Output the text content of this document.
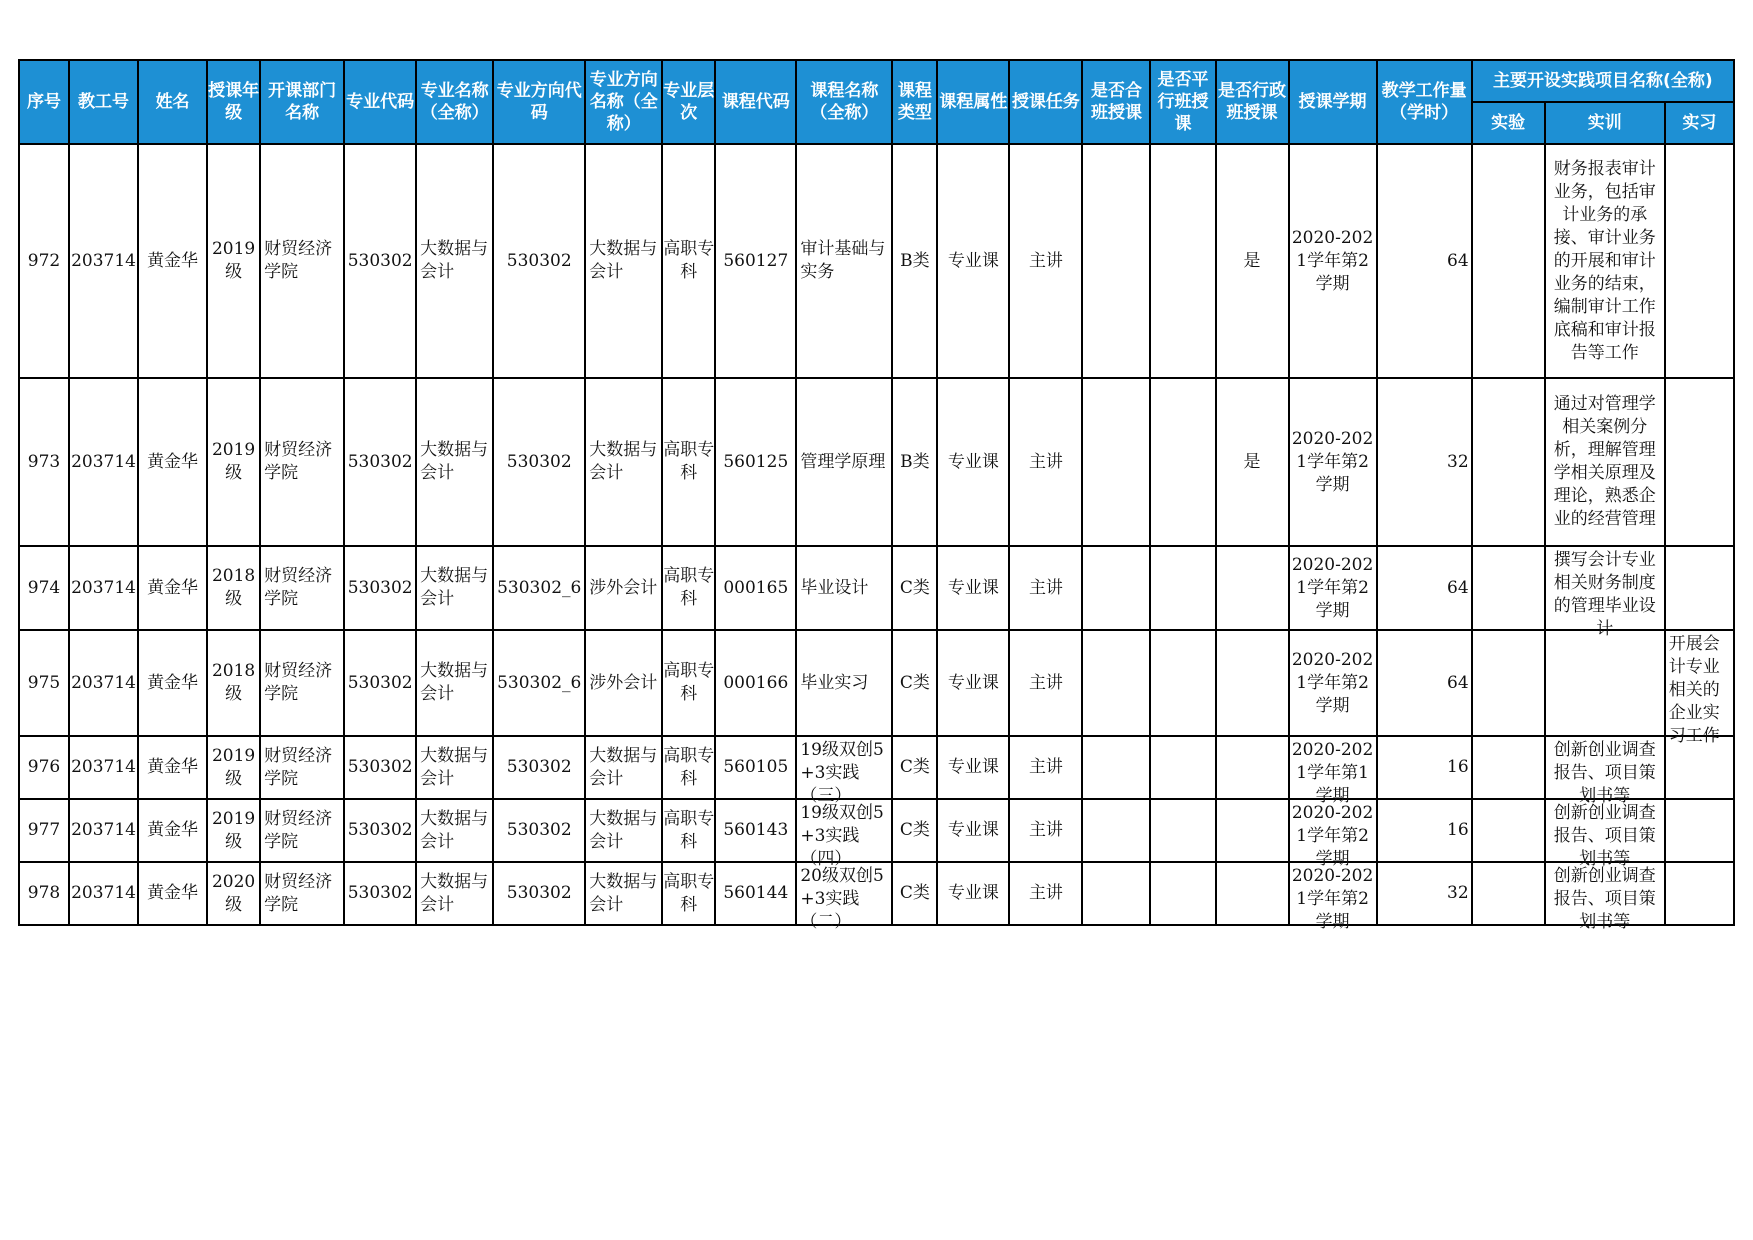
序号	教工号	姓名	授课年级	开课部门名称	专业代码	专业名称（全称）	专业方向代码	专业方向名称（全称）	专业层次	课程代码	课程名称（全称）	课程类型	课程属性	授课任务	是否合班授课	是否平行班授课	是否行政班授课	授课学期	教学工作量（学时）	主要开设实践项目名称(全称)		
																				实验	实训	实习

972	203714	黄金华	2019级	财贸经济学院	530302	大数据与会计	530302	大数据与会计	高职专科	560127	审计基础与实务	B类	专业课	主讲			是	2020-2021学年第2学期	64		财务报表审计业务，包括审计业务的承接、审计业务的开展和审计业务的结束，编制审计工作底稿和审计报告等工作	

973	203714	黄金华	2019级	财贸经济学院	530302	大数据与会计	530302	大数据与会计	高职专科	560125	管理学原理	B类	专业课	主讲			是	2020-2021学年第2学期	32		通过对管理学相关案例分析，理解管理学相关原理及理论，熟悉企业的经营管理	

974	203714	黄金华	2018级	财贸经济学院	530302	大数据与会计	530302_6	涉外会计	高职专科	000165	毕业设计	C类	专业课	主讲				2020-2021学年第2学期	64		撰写会计专业相关财务制度的管理毕业设计	

975	203714	黄金华	2018级	财贸经济学院	530302	大数据与会计	530302_6	涉外会计	高职专科	000166	毕业实习	C类	专业课	主讲				2020-2021学年第2学期	64			开展会计专业相关的企业实习工作

976	203714	黄金华	2019级	财贸经济学院	530302	大数据与会计	530302	大数据与会计	高职专科	560105	19级双创5+3实践（三）	C类	专业课	主讲				2020-2021学年第1学期	16		创新创业调查报告、项目策划书等	

977	203714	黄金华	2019级	财贸经济学院	530302	大数据与会计	530302	大数据与会计	高职专科	560143	19级双创5+3实践（四）	C类	专业课	主讲				2020-2021学年第2学期	16		创新创业调查报告、项目策划书等	

978	203714	黄金华	2020级	财贸经济学院	530302	大数据与会计	530302	大数据与会计	高职专科	560144	20级双创5+3实践（二）	C类	专业课	主讲				2020-2021学年第2学期	32		创新创业调查报告、项目策划书等	
